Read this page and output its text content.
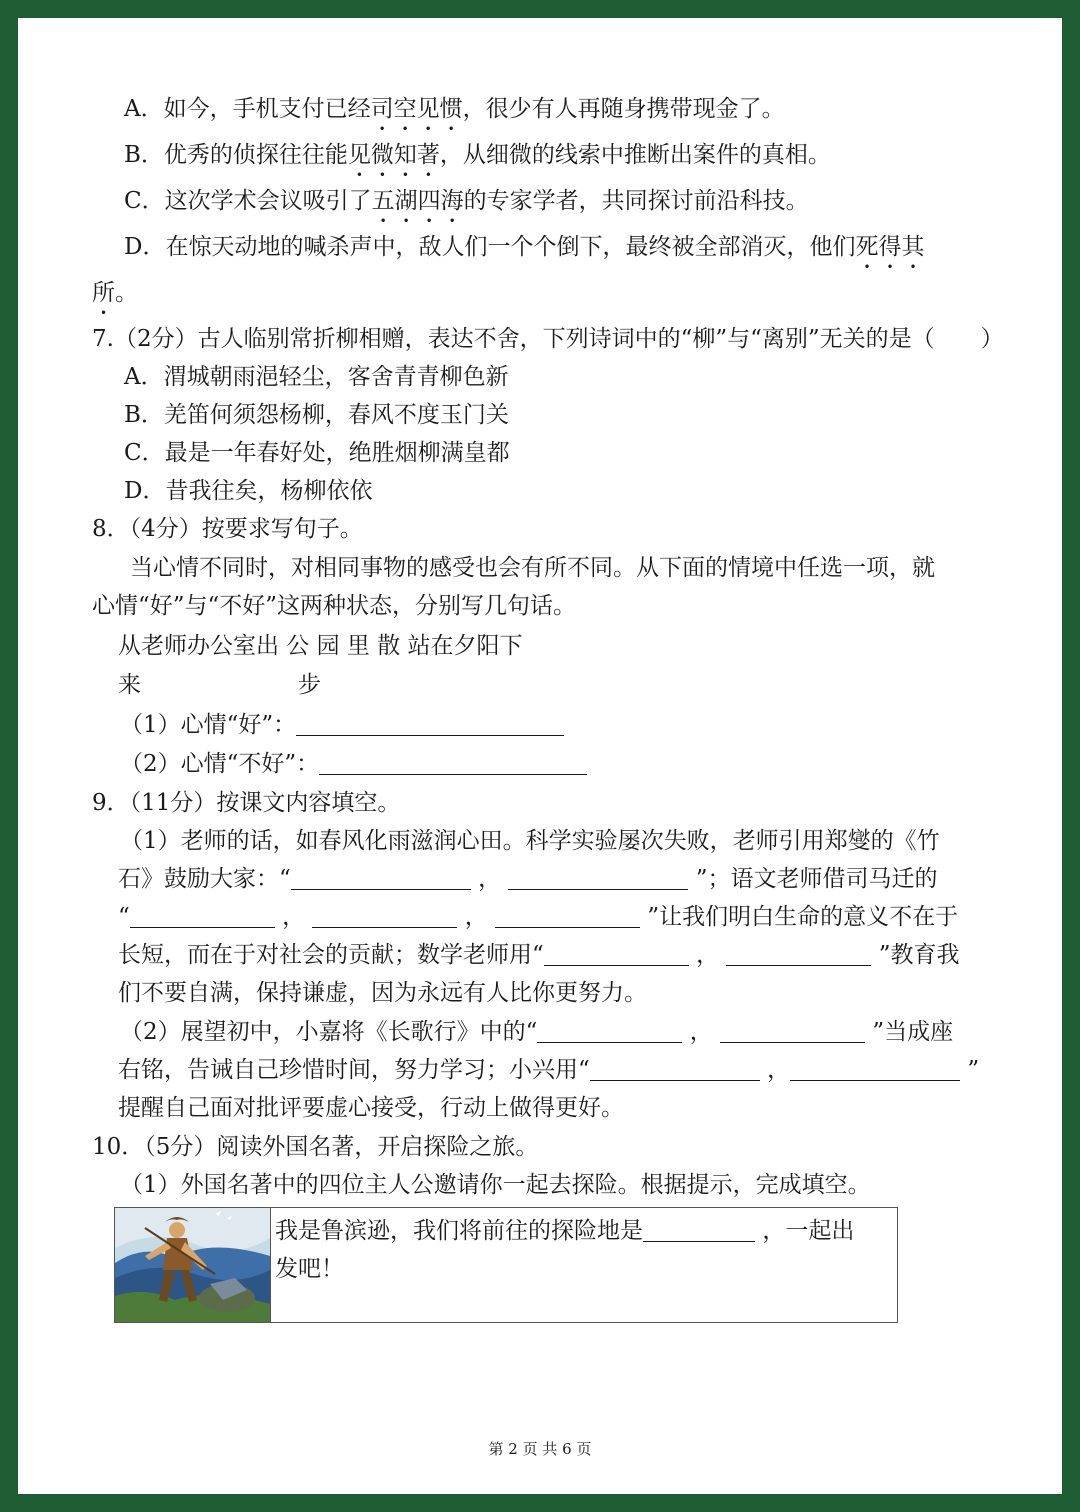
A．如今，手机支付已经司空见惯，很少有人再随身携带现金了。
B．优秀的侦探往往能见微知著，从细微的线索中推断出案件的真相。
C．这次学术会议吸引了五湖四海的专家学者，共同探讨前沿科技。
D．在惊天动地的喊杀声中，敌人们一个个倒下，最终被全部消灭，他们死得其
所。
7.（2分）古人临别常折柳相赠，表达不舍，下列诗词中的“柳”与“离别”无关的是（　　）
A．渭城朝雨浥轻尘，客舍青青柳色新
B．羌笛何须怨杨柳，春风不度玉门关
C．最是一年春好处，绝胜烟柳满皇都
D．昔我往矣，杨柳依依
8．（4分）按要求写句子。
当心情不同时，对相同事物的感受也会有所不同。从下面的情境中任选一项，就
心情“好”与“不好”这两种状态，分别写几句话。
从老师办公室出 公 园 里 散 站在夕阳下
来	步
（1）心情“好”：
（2）心情“不好”：
9．（11分）按课文内容填空。
（1）老师的话，如春风化雨滋润心田。科学实验屡次失败，老师引用郑燮的《竹
石》鼓励大家：“	，	”；语文老师借司马迁的
“	，	，	”让我们明白生命的意义不在于
长短，而在于对社会的贡献；数学老师用“	，	”教育我
们不要自满，保持谦虚，因为永远有人比你更努力。
（2）展望初中，小嘉将《长歌行》中的“	，	”当成座
右铭，告诫自己珍惜时间，努力学习；小兴用“	，	”
提醒自己面对批评要虚心接受，行动上做得更好。
10．（5分）阅读外国名著，开启探险之旅。
（1）外国名著中的四位主人公邀请你一起去探险。根据提示，完成填空。
我是鲁滨逊，我们将前往的探险地是	，一起出
发吧！
第 2 页 共 6 页
